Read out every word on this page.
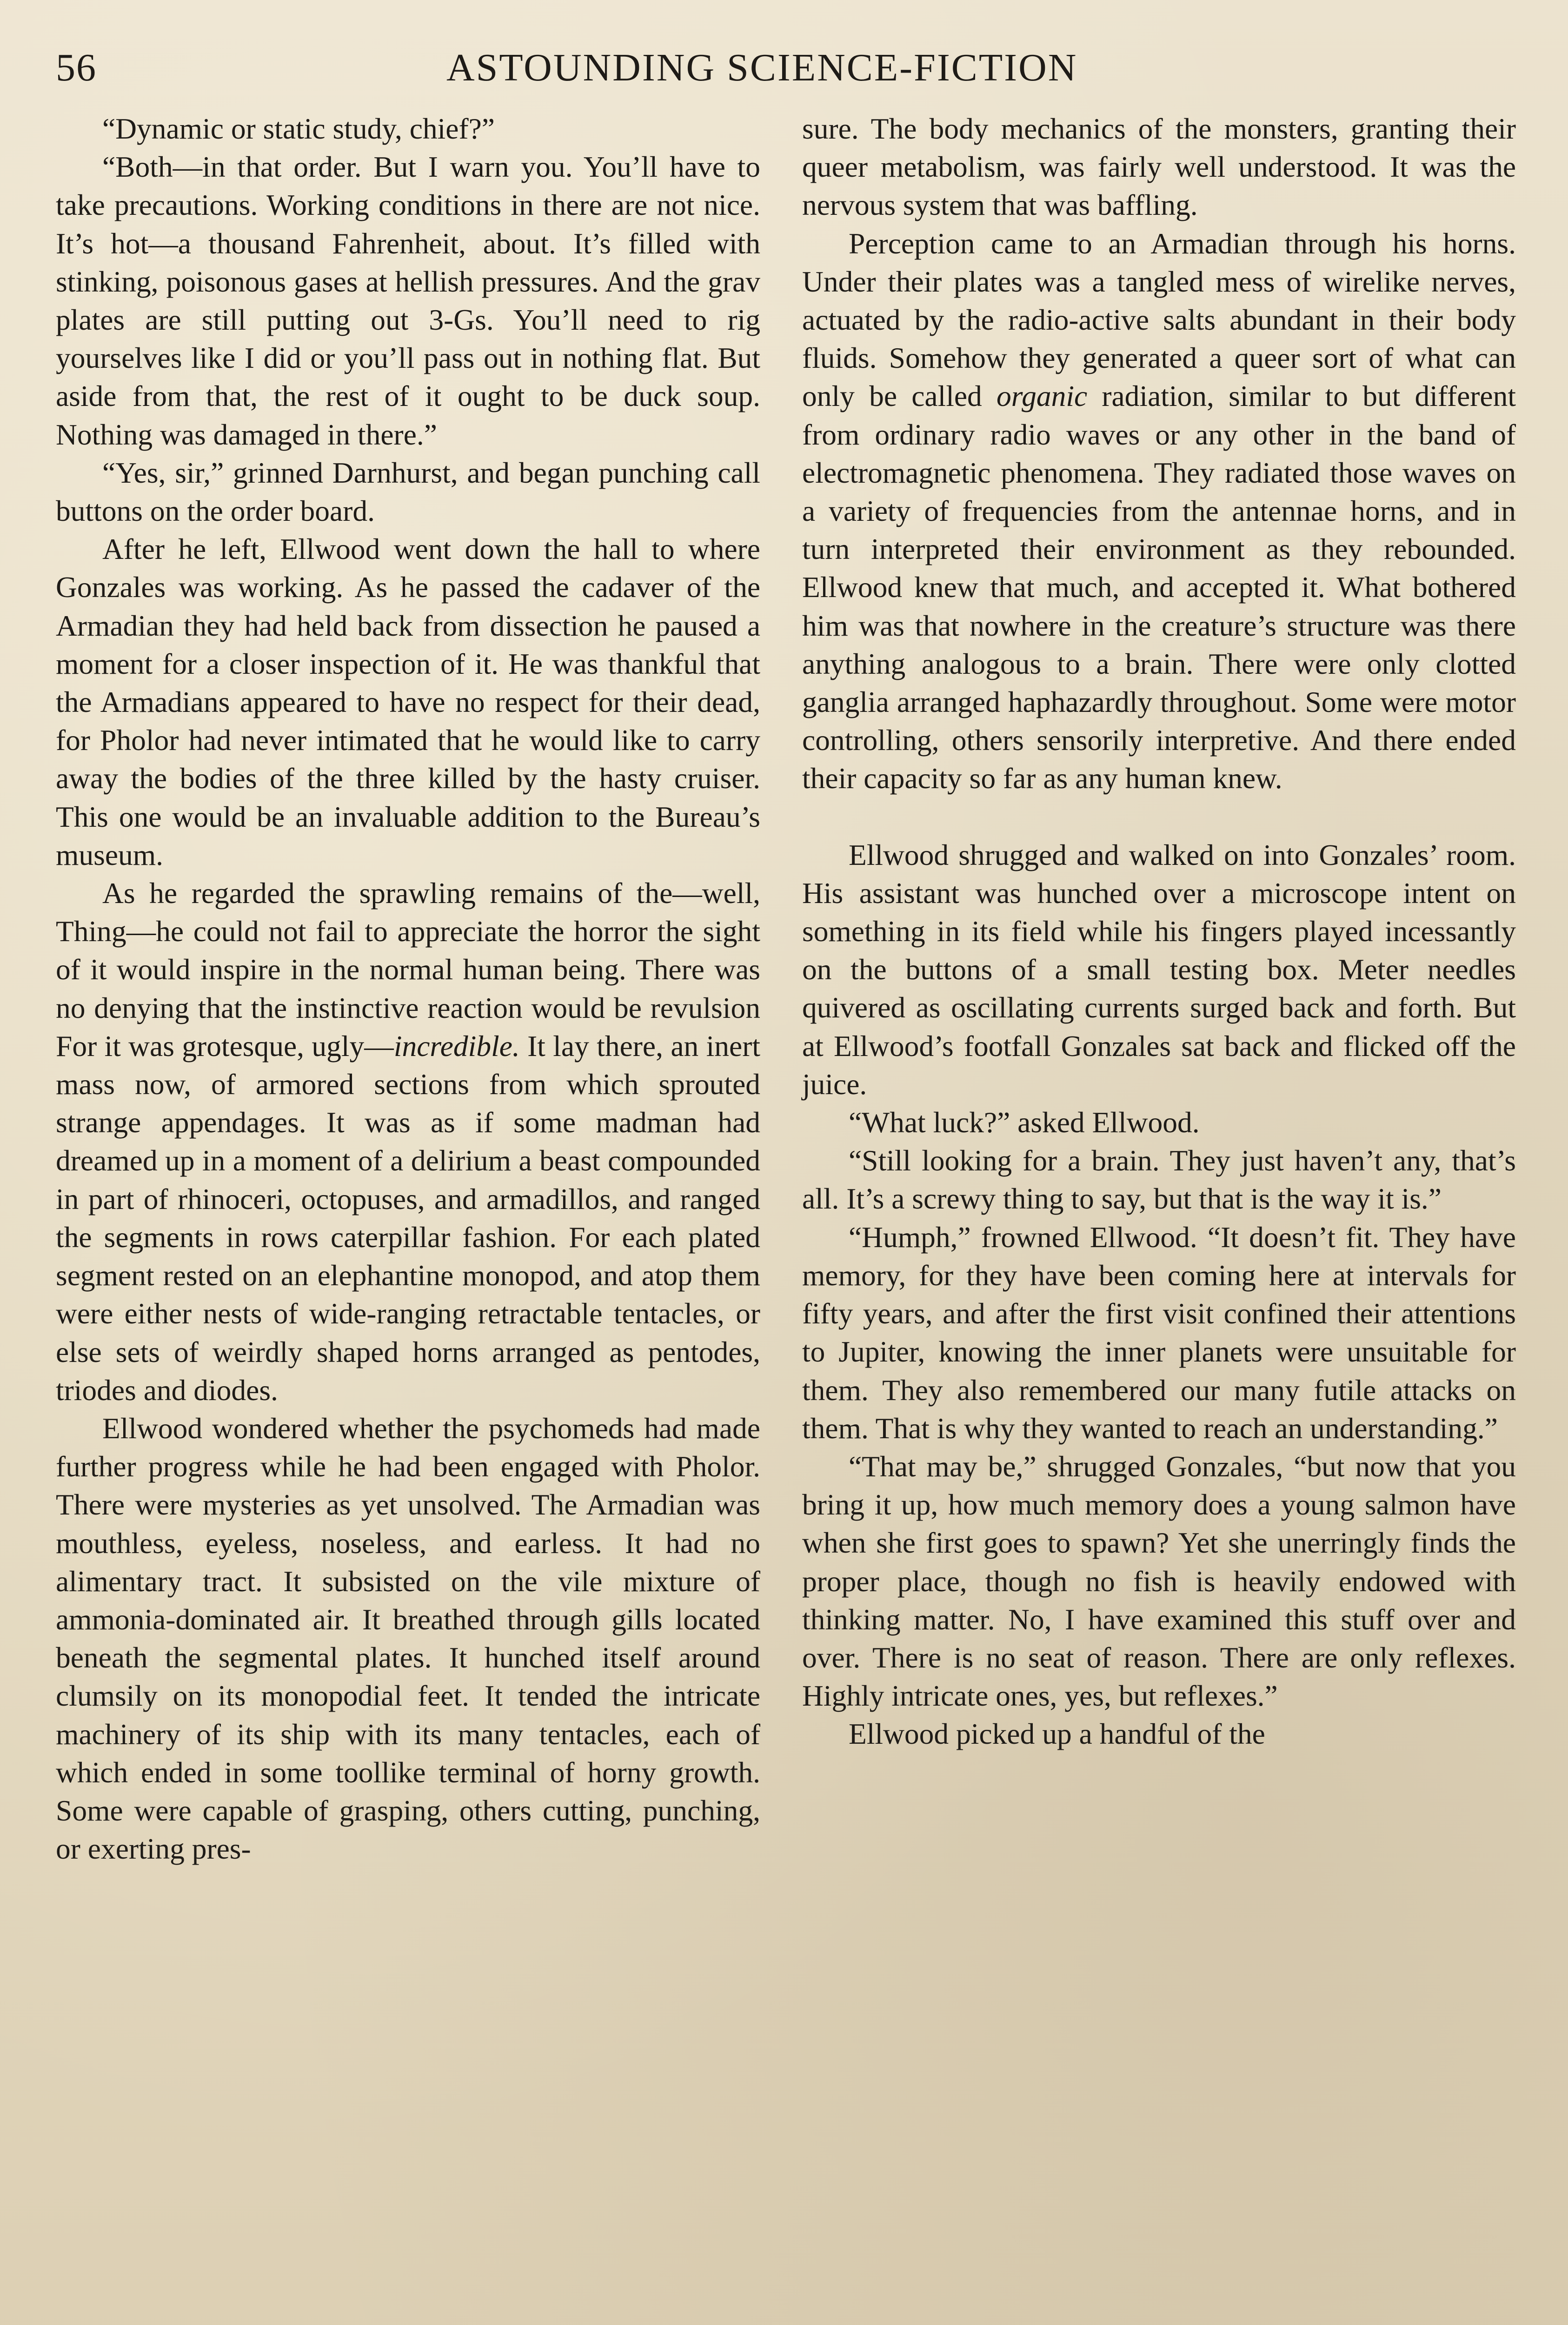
56	ASTOUNDING SCIENCE-FICTION

“Dynamic or static study, chief?”

“Both—in that order. But I warn you. You’ll have to take precautions. Working conditions in there are not nice. It’s hot—a thousand Fahrenheit, about. It’s filled with stinking, poisonous gases at hellish pressures. And the grav plates are still putting out 3-Gs. You’ll need to rig yourselves like I did or you’ll pass out in nothing flat. But aside from that, the rest of it ought to be duck soup. Nothing was damaged in there.”

“Yes, sir,” grinned Darnhurst, and began punching call buttons on the order board.

After he left, Ellwood went down the hall to where Gonzales was working. As he passed the cadaver of the Armadian they had held back from dissection he paused a moment for a closer inspection of it. He was thankful that the Armadians appeared to have no respect for their dead, for Pholor had never intimated that he would like to carry away the bodies of the three killed by the hasty cruiser. This one would be an invaluable addition to the Bureau’s museum.

As he regarded the sprawling remains of the—well, Thing—he could not fail to appreciate the horror the sight of it would inspire in the normal human being. There was no denying that the instinctive reaction would be revulsion For it was grotesque, ugly—incredible. It lay there, an inert mass now, of armored sections from which sprouted strange appendages. It was as if some madman had dreamed up in a moment of a delirium a beast compounded in part of rhinoceri, octopuses, and armadillos, and ranged the segments in rows caterpillar fashion. For each plated segment rested on an elephantine monopod, and atop them were either nests of wide-ranging retractable tentacles, or else sets of weirdly shaped horns arranged as pentodes, triodes and diodes.

Ellwood wondered whether the psychomeds had made further progress while he had been engaged with Pholor. There were mysteries as yet unsolved. The Armadian was mouthless, eyeless, noseless, and earless. It had no alimentary tract. It subsisted on the vile mixture of ammonia-dominated air. It breathed through gills located beneath the segmental plates. It hunched itself around clumsily on its monopodial feet. It tended the intricate machinery of its ship with its many tentacles, each of which ended in some toollike terminal of horny growth. Some were capable of grasping, others cutting, punching, or exerting pres-

sure. The body mechanics of the monsters, granting their queer metabolism, was fairly well understood. It was the nervous system that was baffling.

Perception came to an Armadian through his horns. Under their plates was a tangled mess of wirelike nerves, actuated by the radio-active salts abundant in their body fluids. Somehow they generated a queer sort of what can only be called organic radiation, similar to but different from ordinary radio waves or any other in the band of electromagnetic phenomena. They radiated those waves on a variety of frequencies from the antennae horns, and in turn interpreted their environment as they rebounded. Ellwood knew that much, and accepted it. What bothered him was that nowhere in the creature’s structure was there anything analogous to a brain. There were only clotted ganglia arranged haphazardly throughout. Some were motor controlling, others sensorily interpretive. And there ended their capacity so far as any human knew.

Ellwood shrugged and walked on into Gonzales’ room. His assistant was hunched over a microscope intent on something in its field while his fingers played incessantly on the buttons of a small testing box. Meter needles quivered as oscillating currents surged back and forth. But at Ellwood’s footfall Gonzales sat back and flicked off the juice.

“What luck?” asked Ellwood.

“Still looking for a brain. They just haven’t any, that’s all. It’s a screwy thing to say, but that is the way it is.”

“Humph,” frowned Ellwood. “It doesn’t fit. They have memory, for they have been coming here at intervals for fifty years, and after the first visit confined their attentions to Jupiter, knowing the inner planets were unsuitable for them. They also remembered our many futile attacks on them. That is why they wanted to reach an understanding.”

“That may be,” shrugged Gonzales, “but now that you bring it up, how much memory does a young salmon have when she first goes to spawn? Yet she unerringly finds the proper place, though no fish is heavily endowed with thinking matter. No, I have examined this stuff over and over. There is no seat of reason. There are only reflexes. Highly intricate ones, yes, but reflexes.”

Ellwood picked up a handful of the
